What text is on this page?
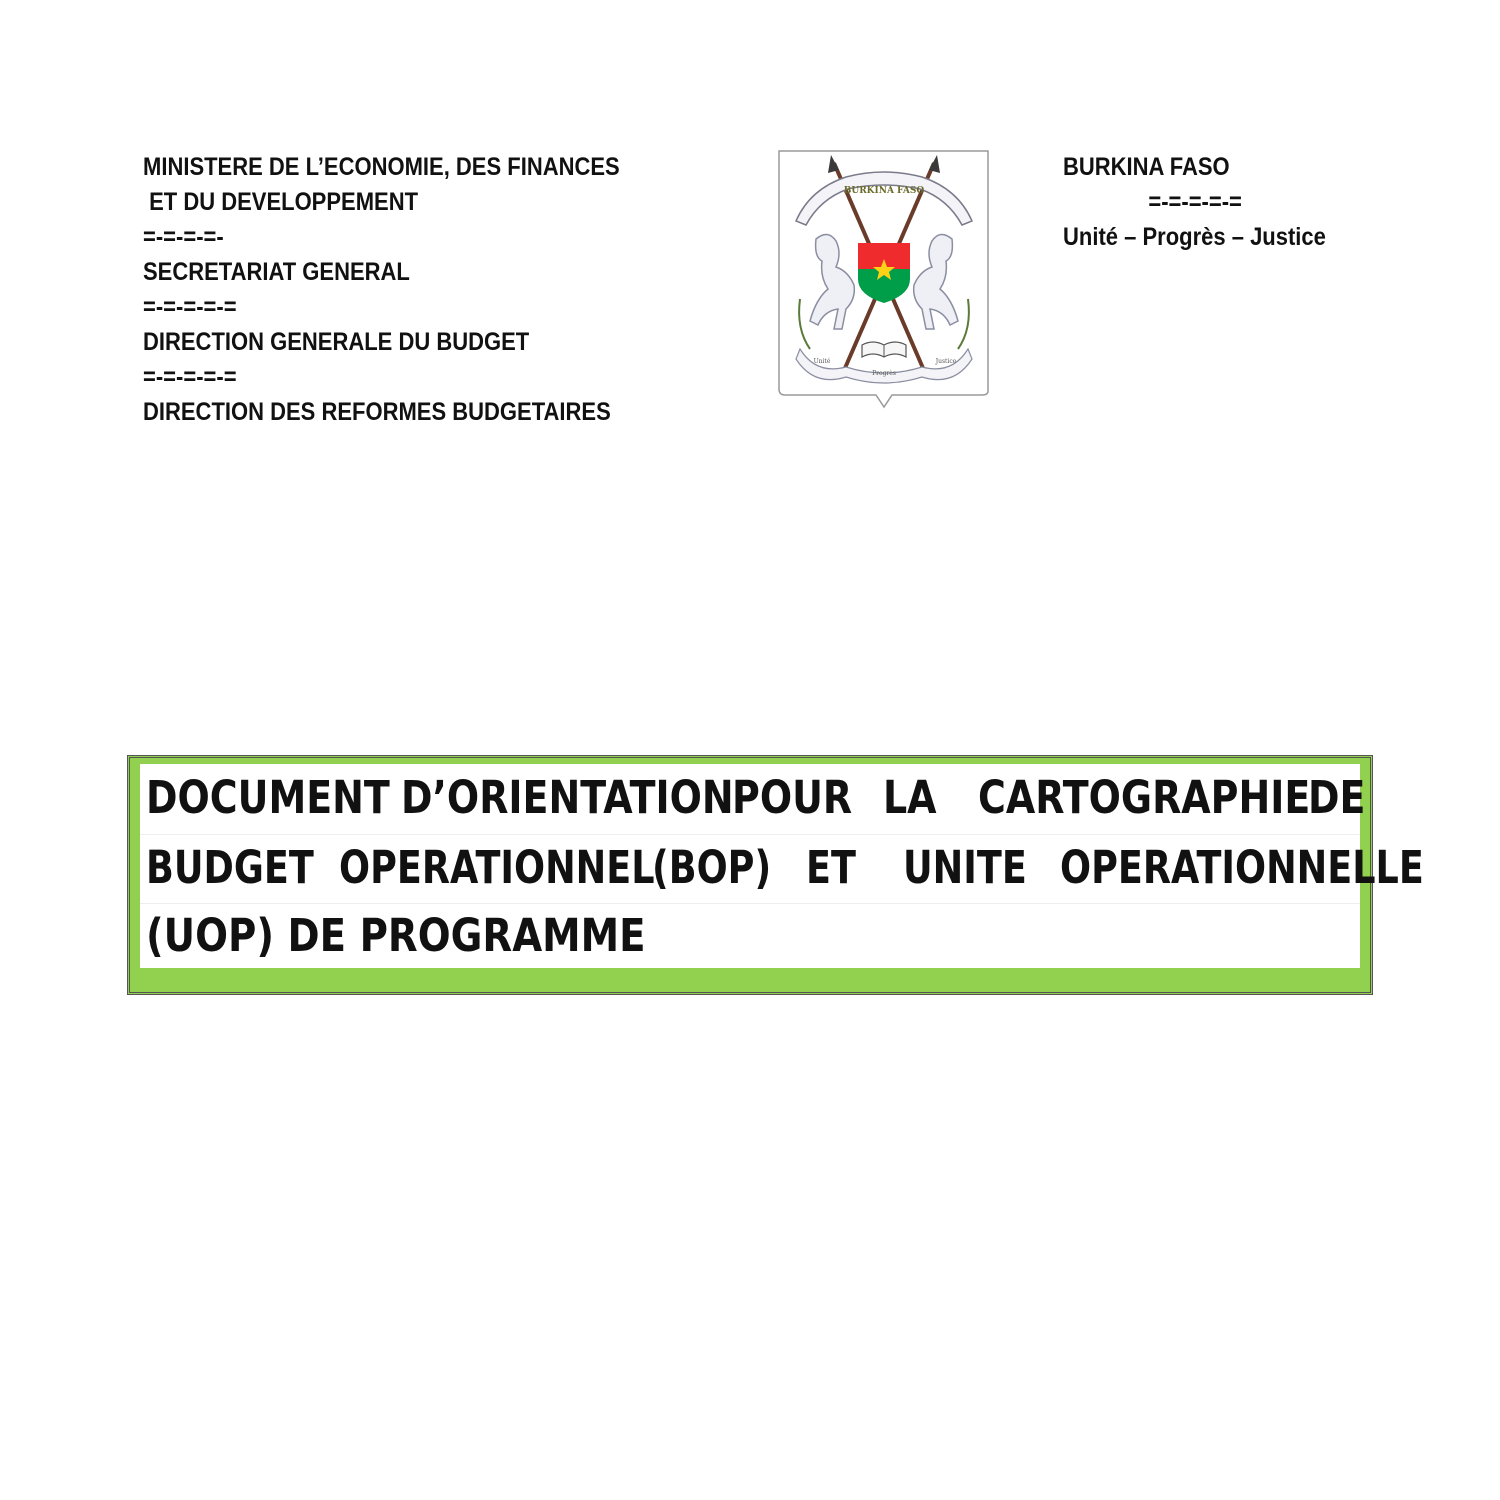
MINISTERE DE L’ECONOMIE, DES FINANCES
ET DU DEVELOPPEMENT
=-=-=-=-
SECRETARIAT GENERAL
=-=-=-=-=
DIRECTION GENERALE DU BUDGET
=-=-=-=-=
DIRECTION DES REFORMES BUDGETAIRES
BURKINA FASO
Unité
Progrès
Justice
BURKINA FASO
=-=-=-=-=
Unité – Progrès – Justice
DOCUMENT D’ORIENTATION
POUR LA CARTOGRAPHIE
DE
BUDGET OPERATIONNEL
(BOP) ET UNITE OPERATIONNELLE
(UOP) DE PROGRAMME
